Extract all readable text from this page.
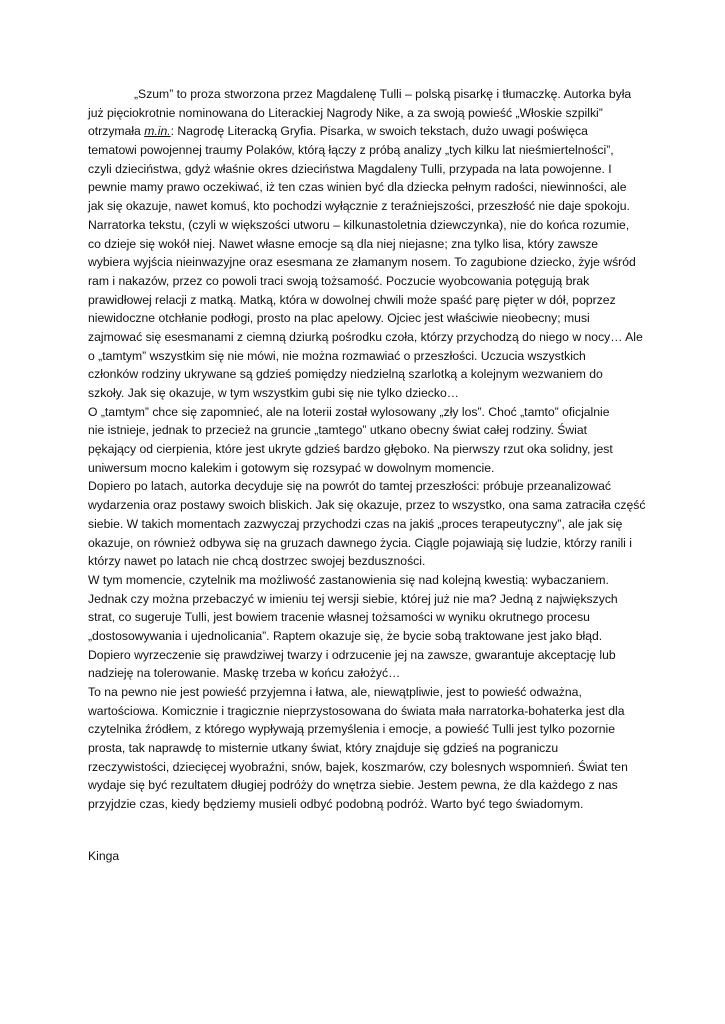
„Szum” to proza stworzona przez Magdalenę Tulli – polską pisarkę i tłumaczkę. Autorka była
już pięciokrotnie nominowana do Literackiej Nagrody Nike, a za swoją powieść „Włoskie szpilki”
otrzymała m.in.: Nagrodę Literacką Gryfia. Pisarka, w swoich tekstach, dużo uwagi poświęca
tematowi powojennej traumy Polaków, którą łączy z próbą analizy „tych kilku lat nieśmiertelności”,
czyli dzieciństwa, gdyż właśnie okres dzieciństwa Magdaleny Tulli, przypada na lata powojenne. I
pewnie mamy prawo oczekiwać, iż ten czas winien być dla dziecka pełnym radości, niewinności, ale
jak się okazuje, nawet komuś, kto pochodzi wyłącznie z teraźniejszości, przeszłość nie daje spokoju.
Narratorka tekstu, (czyli w większości utworu – kilkunastoletnia dziewczynka), nie do końca rozumie,
co dzieje się wokół niej. Nawet własne emocje są dla niej niejasne; zna tylko lisa, który zawsze
wybiera wyjścia nieinwazyjne oraz esesmana ze złamanym nosem. To zagubione dziecko, żyje wśród
ram i nakazów, przez co powoli traci swoją tożsamość. Poczucie wyobcowania potęgują brak
prawidłowej relacji z matką. Matką, która w dowolnej chwili może spaść parę pięter w dół, poprzez
niewidoczne otchłanie podłogi, prosto na plac apelowy. Ojciec jest właściwie nieobecny; musi
zajmować się esesmanami z ciemną dziurką pośrodku czoła, którzy przychodzą do niego w nocy… Ale
o „tamtym” wszystkim się nie mówi, nie można rozmawiać o przeszłości. Uczucia wszystkich
członków rodziny ukrywane są gdzieś pomiędzy niedzielną szarlotką a kolejnym wezwaniem do
szkoły. Jak się okazuje, w tym wszystkim gubi się nie tylko dziecko…
O „tamtym” chce się zapomnieć, ale na loterii został wylosowany „zły los”. Choć „tamto” oficjalnie
nie istnieje, jednak to przecież na gruncie „tamtego” utkano obecny świat całej rodziny. Świat
pękający od cierpienia, które jest ukryte gdzieś bardzo głęboko. Na pierwszy rzut oka solidny, jest
uniwersum mocno kalekim i gotowym się rozsypać w dowolnym momencie.
Dopiero po latach, autorka decyduje się na powrót do tamtej przeszłości: próbuje przeanalizować
wydarzenia oraz postawy swoich bliskich. Jak się okazuje, przez to wszystko, ona sama zatraciła część
siebie. W takich momentach zazwyczaj przychodzi czas na jakiś „proces terapeutyczny”, ale jak się
okazuje, on również odbywa się na gruzach dawnego życia. Ciągle pojawiają się ludzie, którzy ranili i
którzy nawet po latach nie chcą dostrzec swojej bezduszności.
W tym momencie, czytelnik ma możliwość zastanowienia się nad kolejną kwestią: wybaczaniem.
Jednak czy można przebaczyć w imieniu tej wersji siebie, której już nie ma? Jedną z największych
strat, co sugeruje Tulli, jest bowiem tracenie własnej tożsamości w wyniku okrutnego procesu
„dostosowywania i ujednolicania”. Raptem okazuje się, że bycie sobą traktowane jest jako błąd.
Dopiero wyrzeczenie się prawdziwej twarzy i odrzucenie jej na zawsze, gwarantuje akceptację lub
nadzieję na tolerowanie. Maskę trzeba w końcu założyć…
To na pewno nie jest powieść przyjemna i łatwa, ale, niewątpliwie, jest to powieść odważna,
wartościowa. Komicznie i tragicznie nieprzystosowana do świata mała narratorka-bohaterka jest dla
czytelnika źródłem, z którego wypływają przemyślenia i emocje, a powieść Tulli jest tylko pozornie
prosta, tak naprawdę to misternie utkany świat, który znajduje się gdzieś na pograniczu
rzeczywistości, dziecięcej wyobraźni, snów, bajek, koszmarów, czy bolesnych wspomnień. Świat ten
wydaje się być rezultatem długiej podróży do wnętrza siebie. Jestem pewna, że dla każdego z nas
przyjdzie czas, kiedy będziemy musieli odbyć podobną podróż. Warto być tego świadomym.
Kinga
